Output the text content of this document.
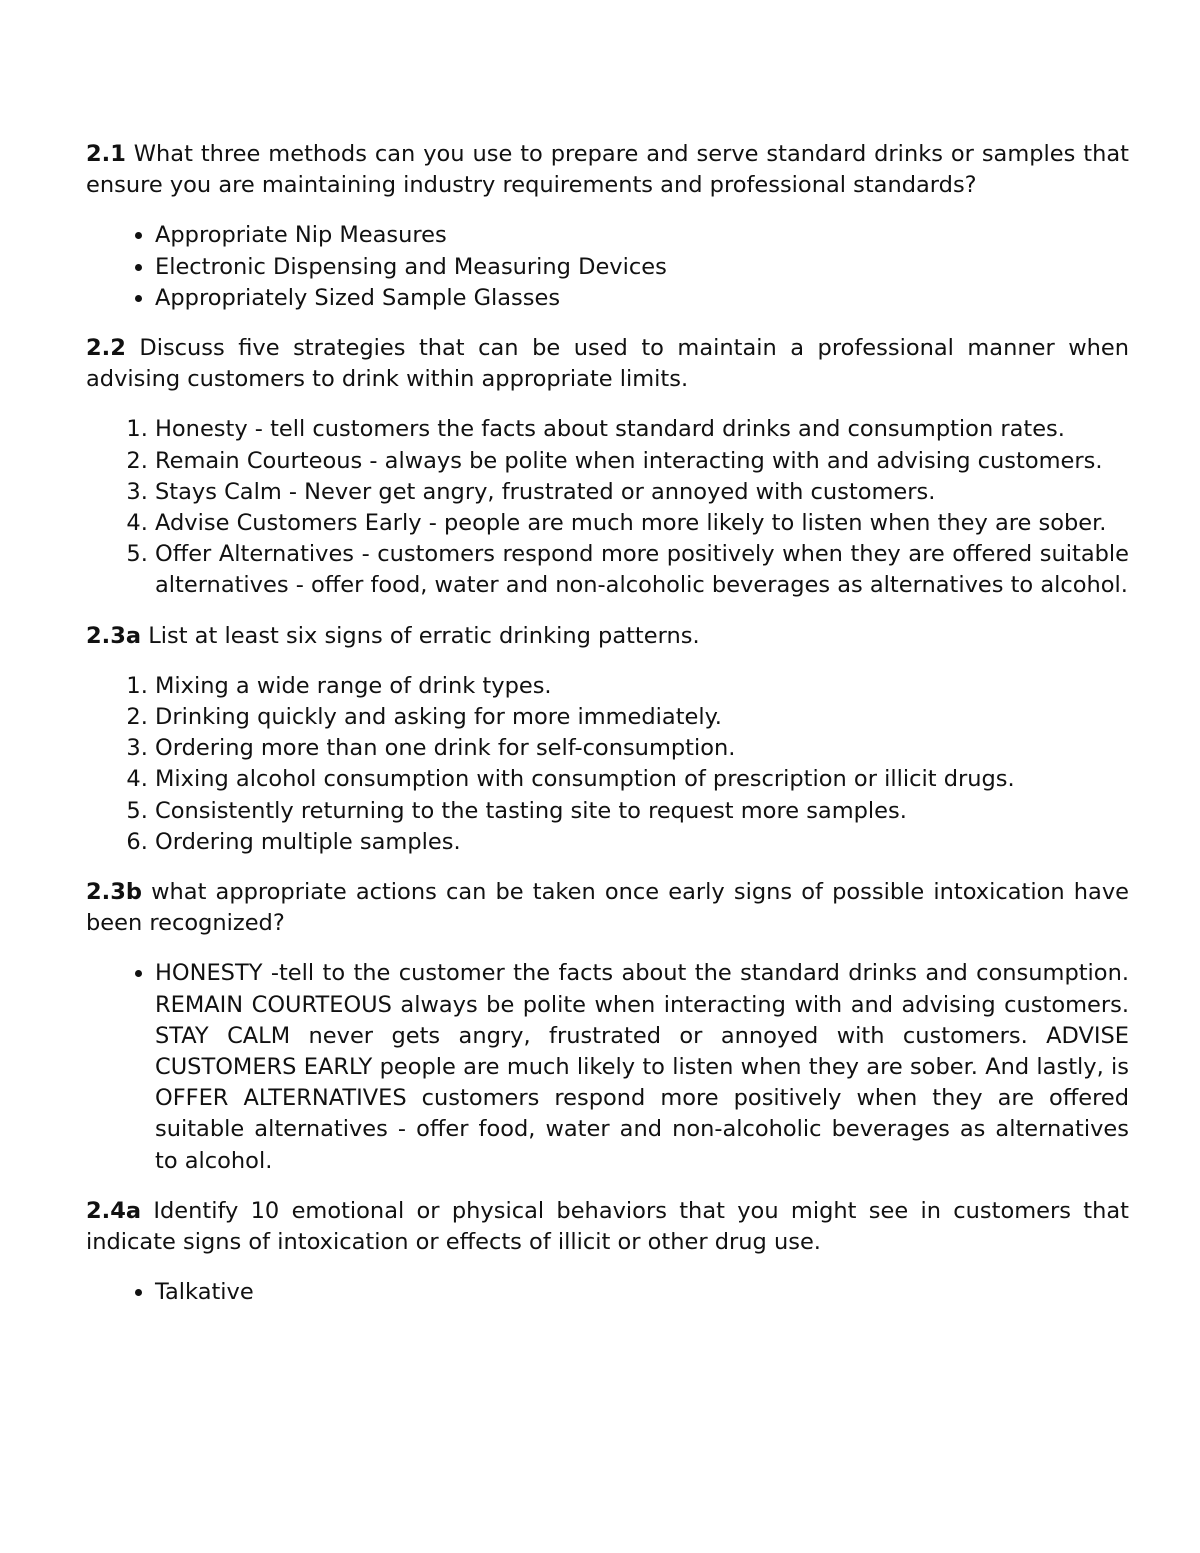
2.1 What three methods can you use to prepare and serve standard drinks or samples that ensure you are maintaining industry requirements and professional standards?

• Appropriate Nip Measures
• Electronic Dispensing and Measuring Devices
• Appropriately Sized Sample Glasses

2.2 Discuss five strategies that can be used to maintain a professional manner when advising customers to drink within appropriate limits.

1. Honesty - tell customers the facts about standard drinks and consumption rates.
2. Remain Courteous - always be polite when interacting with and advising customers.
3. Stays Calm - Never get angry, frustrated or annoyed with customers.
4. Advise Customers Early - people are much more likely to listen when they are sober.
5. Offer Alternatives - customers respond more positively when they are offered suitable alternatives - offer food, water and non-alcoholic beverages as alternatives to alcohol.

2.3a List at least six signs of erratic drinking patterns.

1. Mixing a wide range of drink types.
2. Drinking quickly and asking for more immediately.
3. Ordering more than one drink for self-consumption.
4. Mixing alcohol consumption with consumption of prescription or illicit drugs.
5. Consistently returning to the tasting site to request more samples.
6. Ordering multiple samples.

2.3b what appropriate actions can be taken once early signs of possible intoxication have been recognized?

• HONESTY -tell to the customer the facts about the standard drinks and consumption. REMAIN COURTEOUS always be polite when interacting with and advising customers. STAY CALM never gets angry, frustrated or annoyed with customers. ADVISE CUSTOMERS EARLY people are much likely to listen when they are sober. And lastly, is OFFER ALTERNATIVES customers respond more positively when they are offered suitable alternatives - offer food, water and non-alcoholic beverages as alternatives to alcohol.

2.4a Identify 10 emotional or physical behaviors that you might see in customers that indicate signs of intoxication or effects of illicit or other drug use.

• Talkative
